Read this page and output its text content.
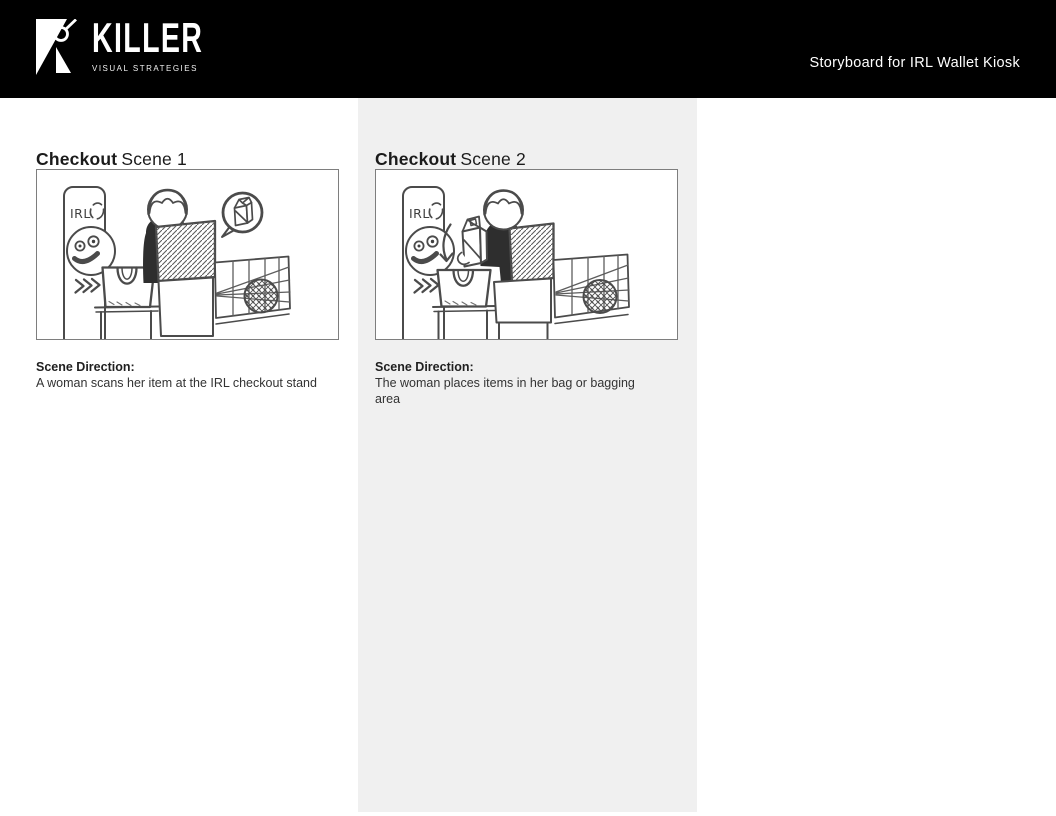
KILLER
VISUAL STRATEGIES	Storyboard for IRL Wallet Kiosk
Checkout Scene 1
IRL
Scene Direction:
A woman scans her item at the IRL checkout stand
Checkout Scene 2
IRL
Scene Direction:
The woman places items in her bag or bagging
area
